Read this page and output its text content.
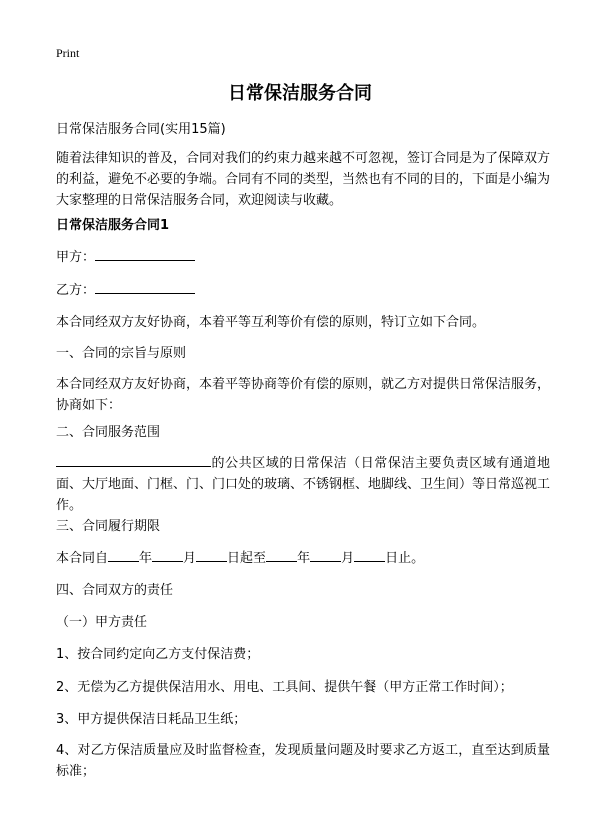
Print
日常保洁服务合同
日常保洁服务合同(实用15篇)
随着法律知识的普及，合同对我们的约束力越来越不可忽视，签订合同是为了保障双方的利益，避免不必要的争端。合同有不同的类型，当然也有不同的目的，下面是小编为大家整理的日常保洁服务合同，欢迎阅读与收藏。
日常保洁服务合同1
甲方：
乙方：
本合同经双方友好协商，本着平等互利等价有偿的原则，特订立如下合同。
一、合同的宗旨与原则
本合同经双方友好协商，本着平等协商等价有偿的原则，就乙方对提供日常保洁服务，协商如下：
二、合同服务范围
的公共区域的日常保洁（日常保洁主要负责区域有通道地面、大厅地面、门框、门、门口处的玻璃、不锈钢框、地脚线、卫生间）等日常巡视工作。
三、合同履行期限
本合同自 年 月 日起至 年 月 日止。
四、合同双方的责任
（一）甲方责任
1、按合同约定向乙方支付保洁费；
2、无偿为乙方提供保洁用水、用电、工具间、提供午餐（甲方正常工作时间）；
3、甲方提供保洁日耗品卫生纸；
4、对乙方保洁质量应及时监督检查，发现质量问题及时要求乙方返工，直至达到质量标准；
